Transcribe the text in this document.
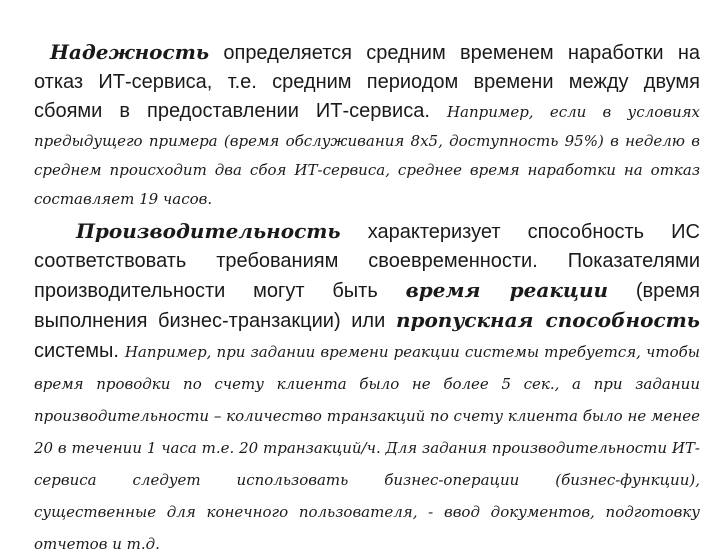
Надежность определяется средним временем наработки на отказ ИТ-сервиса, т.е. средним периодом времени между двумя сбоями в предоставлении ИТ-сервиса. Например, если в условиях предыдущего примера (время обслуживания 8x5, доступность 95%) в неделю в среднем происходит два сбоя ИТ-сервиса, среднее время наработки на отказ составляет 19 часов.

Производительность характеризует способность ИС соответствовать требованиям своевременности. Показателями производительности могут быть время реакции (время выполнения бизнес-транзакции) или пропускная способность системы. Например, при задании времени реакции системы требуется, чтобы время проводки по счету клиента было не более 5 сек., а при задании производительности – количество транзакций по счету клиента было не менее 20 в течении 1 часа т.е. 20 транзакций/ч. Для задания производительности ИТ-сервиса следует использовать бизнес-операции (бизнес-функции), существенные для конечного пользователя, - ввод документов, подготовку отчетов и т.д.
